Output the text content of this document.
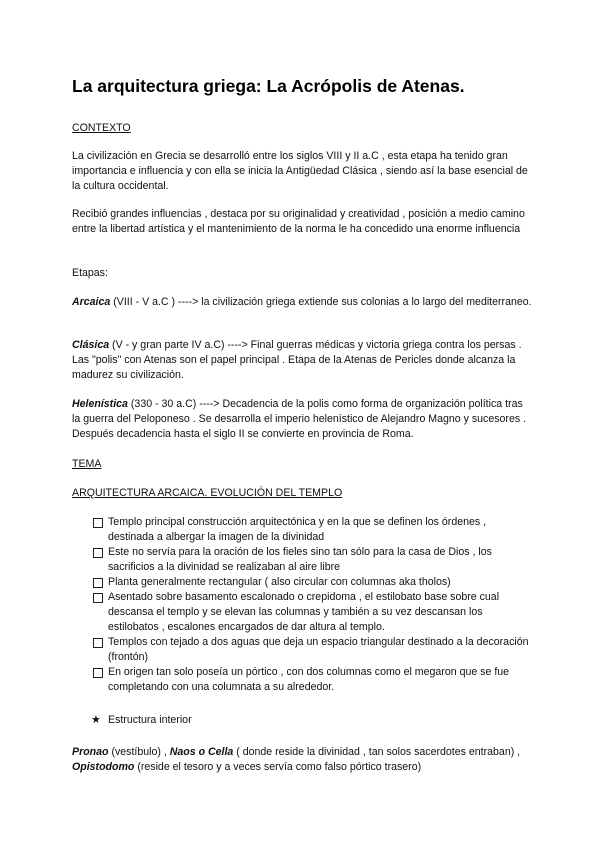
La arquitectura griega: La Acrópolis de Atenas.
CONTEXTO

La civilización en Grecia se desarrolló entre los siglos VIII y II a.C , esta etapa ha tenido gran importancia e influencia y con ella se inicia la Antigüedad Clásica , siendo así la base esencial de la cultura occidental.

Recibió grandes influencias , destaca por su originalidad y creatividad , posición a medio camino entre la libertad artística y el mantenimiento de la norma le ha concedido una enorme influencia

Etapas:

Arcaica (VIII - V a.C ) ----> la civilización griega extiende sus colonias a lo largo del mediterraneo.

Clásica (V - y gran parte IV a.C) ----> Final guerras médicas y victoria griega contra los persas . Las "polis" con Atenas son el papel principal . Etapa de la Atenas de Pericles donde alcanza la madurez su civilización.

Helenística (330 - 30 a.C) ----> Decadencia de la polis como forma de organización política tras la guerra del Peloponeso . Se desarrolla el imperio helenístico de Alejandro Magno y sucesores . Después decadencia hasta el siglo II se convierte en provincia de Roma.

TEMA
ARQUITECTURA ARCAICA. EVOLUCIÓN DEL TEMPLO
Templo principal construcción arquitectónica y en la que se definen los órdenes , destinada a albergar la imagen de la divinidad
Este no servía para la oración de los fieles sino tan sólo para la casa de Dios , los sacrificios a la divinidad se realizaban al aire libre
Planta generalmente rectangular ( also circular con columnas aka tholos)
Asentado sobre basamento escalonado o crepidoma , el estilobato base sobre cual descansa el templo y se elevan las columnas y también a su vez descansan los estilobatos , escalones encargados de dar altura al templo.
Templos con tejado a dos aguas que deja un espacio triangular destinado a la decoración (frontón)
En origen tan solo poseía un pórtico , con dos columnas como el megaron que se fue completando con una columnata a su alrededor.
★ Estructura interior

Pronao (vestíbulo) , Naos o Cella ( donde reside la divinidad , tan solos sacerdotes entraban) , Opistodomo (reside el tesoro y a veces servía como falso pórtico trasero)
